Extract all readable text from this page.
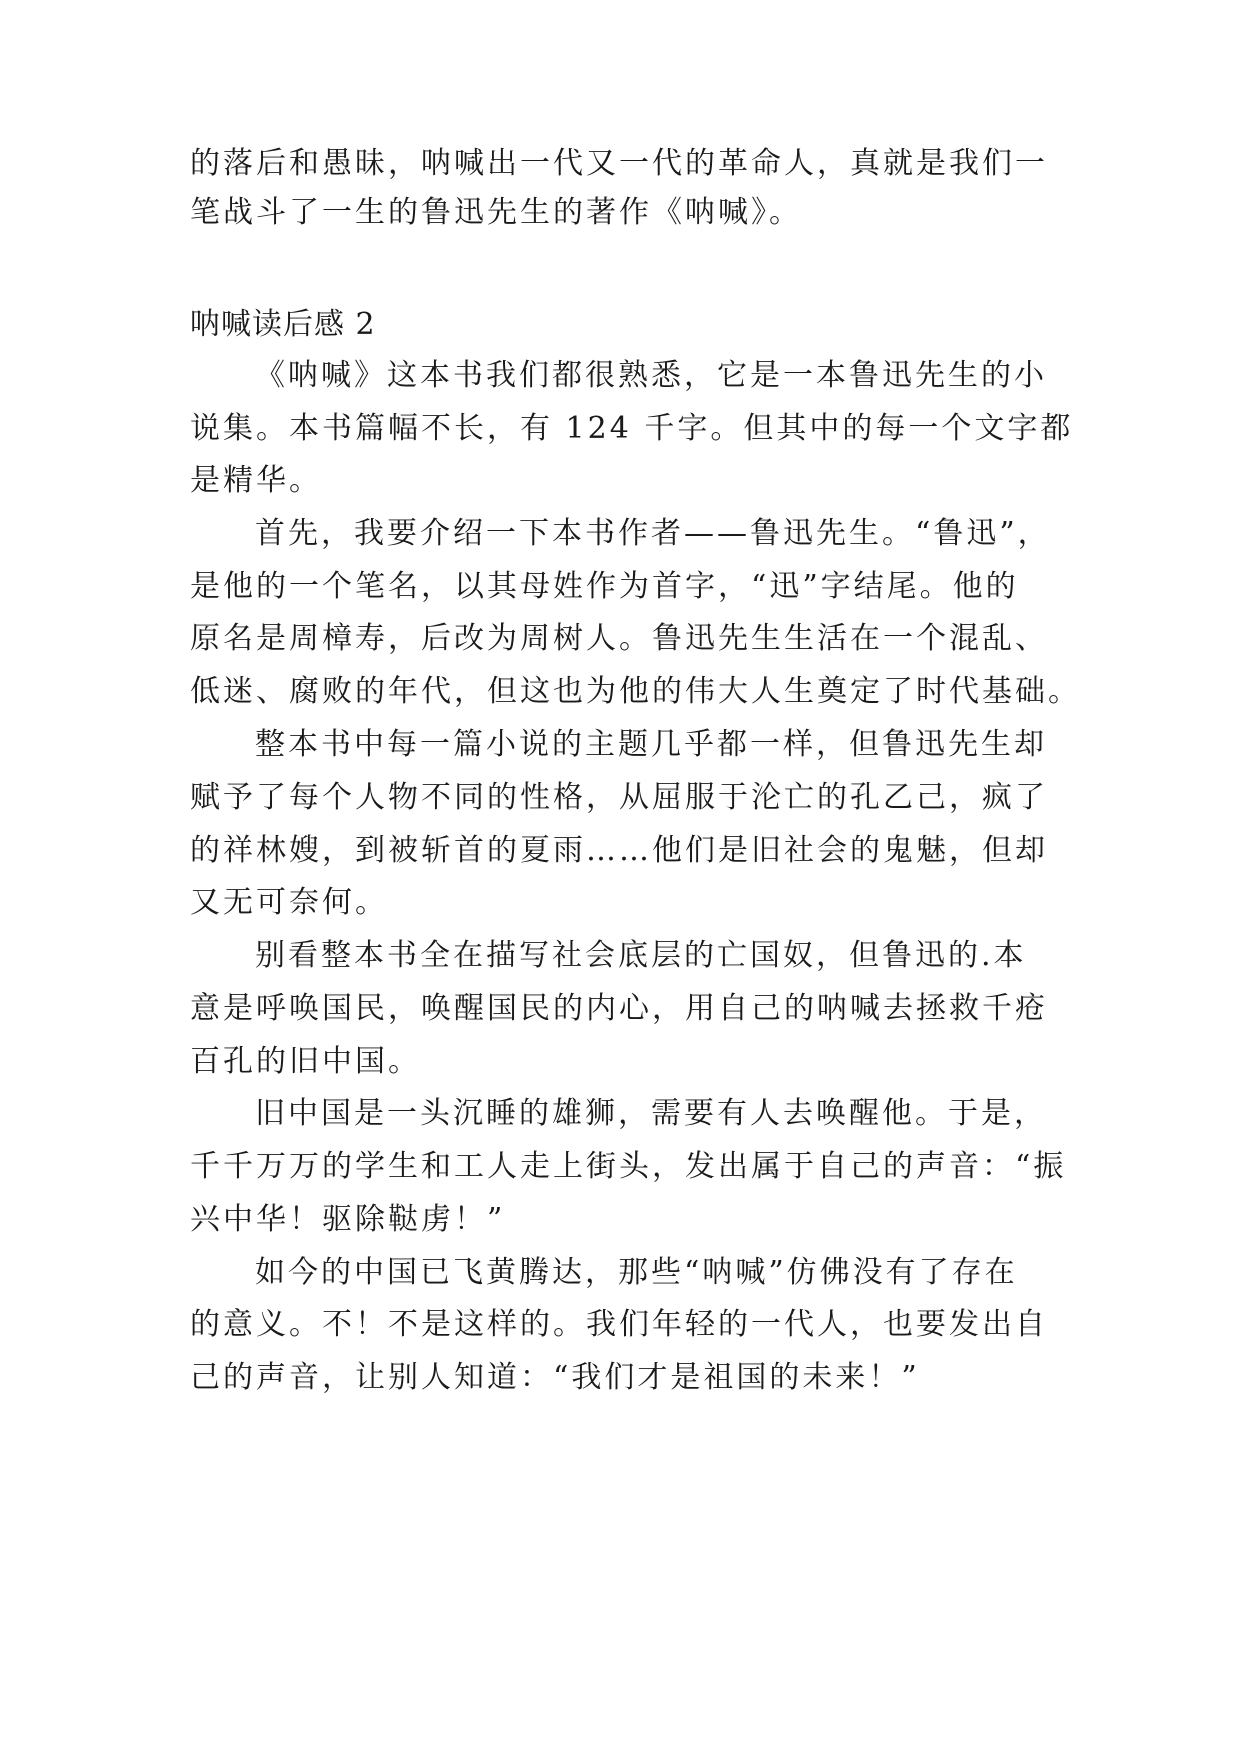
的落后和愚昧，呐喊出一代又一代的革命人，真就是我们一
笔战斗了一生的鲁迅先生的著作《呐喊》。
呐喊读后感 2
《呐喊》这本书我们都很熟悉，它是一本鲁迅先生的小
说集。本书篇幅不长，有 124 千字。但其中的每一个文字都
是精华。
首先，我要介绍一下本书作者——鲁迅先生。“鲁迅”，
是他的一个笔名，以其母姓作为首字，“迅”字结尾。他的
原名是周樟寿，后改为周树人。鲁迅先生生活在一个混乱、
低迷、腐败的年代，但这也为他的伟大人生奠定了时代基础。
整本书中每一篇小说的主题几乎都一样，但鲁迅先生却
赋予了每个人物不同的性格，从屈服于沦亡的孔乙己，疯了
的祥林嫂，到被斩首的夏雨……他们是旧社会的鬼魅，但却
又无可奈何。
别看整本书全在描写社会底层的亡国奴，但鲁迅的.本
意是呼唤国民，唤醒国民的内心，用自己的呐喊去拯救千疮
百孔的旧中国。
旧中国是一头沉睡的雄狮，需要有人去唤醒他。于是，
千千万万的学生和工人走上街头，发出属于自己的声音：“振
兴中华！驱除鞑虏！”
如今的中国已飞黄腾达，那些“呐喊”仿佛没有了存在
的意义。不！不是这样的。我们年轻的一代人，也要发出自
己的声音，让别人知道：“我们才是祖国的未来！”
